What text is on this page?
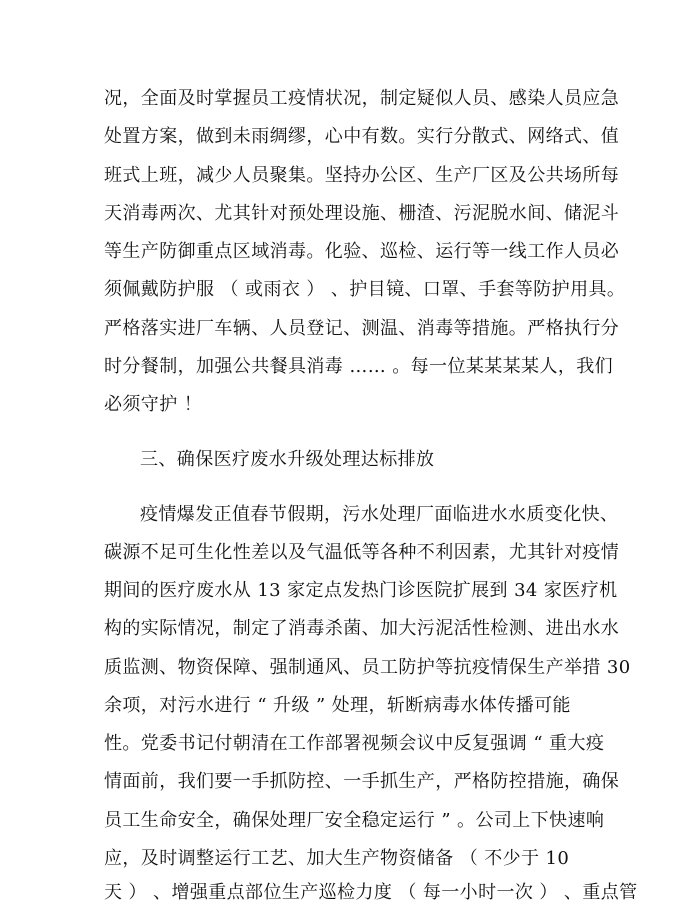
况，全面及时掌握员工疫情状况，制定疑似人员、感染人员应急

处置方案，做到未雨绸缪，心中有数。实行分散式、网络式、值

班式上班，减少人员聚集。坚持办公区、生产厂区及公共场所每

天消毒两次、尤其针对预处理设施、栅渣、污泥脱水间、储泥斗

等生产防御重点区域消毒。化验、巡检、运行等一线工作人员必

须佩戴防护服 （ 或雨衣 ） 、护目镜、口罩、手套等防护用具。

严格落实进厂车辆、人员登记、测温、消毒等措施。严格执行分

时分餐制，加强公共餐具消毒 …… 。每一位某某某某人，我们

必须守护 ！

三、确保医疗废水升级处理达标排放

疫情爆发正值春节假期，污水处理厂面临进水水质变化快、

碳源不足可生化性差以及气温低等各种不利因素，尤其针对疫情

期间的医疗废水从 13 家定点发热门诊医院扩展到 34 家医疗机

构的实际情况，制定了消毒杀菌、加大污泥活性检测、进出水水

质监测、物资保障、强制通风、员工防护等抗疫情保生产举措 30

余项，对污水进行 “ 升级 ” 处理，斩断病毒水体传播可能

性。党委书记付朝清在工作部署视频会议中反复强调 “ 重大疫

情面前，我们要一手抓防控、一手抓生产，严格防控措施，确保

员工生命安全，确保处理厂安全稳定运行 ” 。公司上下快速响

应，及时调整运行工艺、加大生产物资储备 （ 不少于 10

天 ） 、增强重点部位生产巡检力度 （ 每一小时一次 ） 、重点管
